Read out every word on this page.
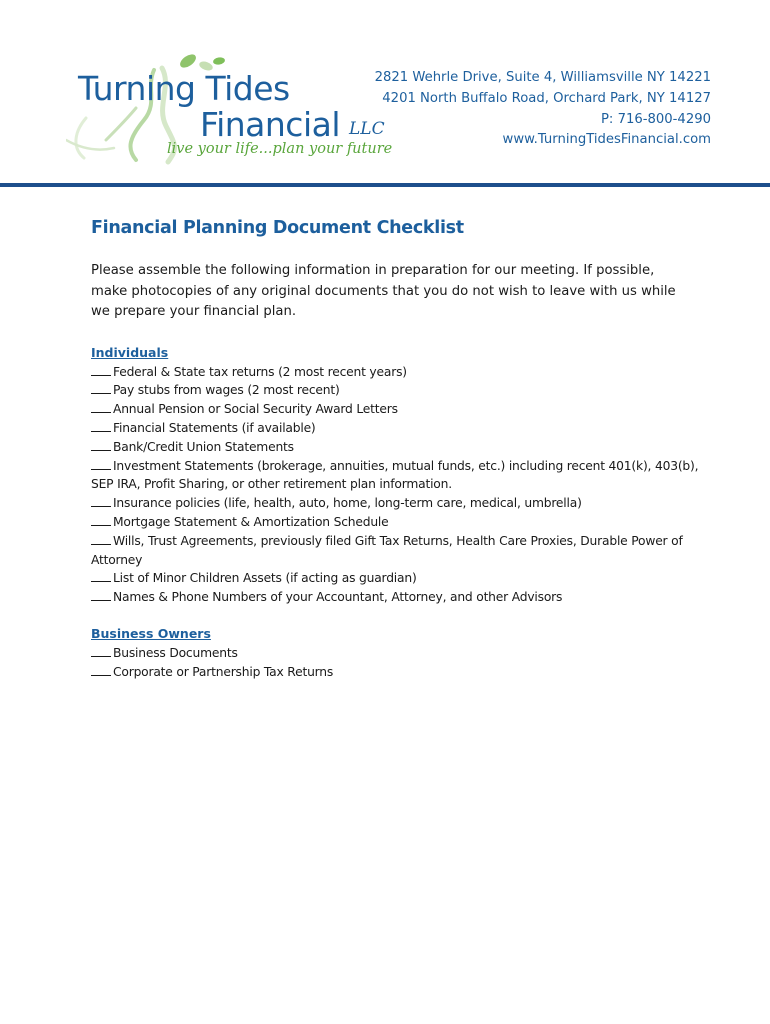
Turning Tides
Financial LLC
live your life...plan your future
2821 Wehrle Drive, Suite 4, Williamsville NY 14221
4201 North Buffalo Road, Orchard Park, NY 14127
P: 716-800-4290
www.TurningTidesFinancial.com
Financial Planning Document Checklist

Please assemble the following information in preparation for our meeting. If possible, make photocopies of any original documents that you do not wish to leave with us while we prepare your financial plan.

Individuals
Federal & State tax returns (2 most recent years)
Pay stubs from wages (2 most recent)
Annual Pension or Social Security Award Letters
Financial Statements (if available)
Bank/Credit Union Statements
Investment Statements (brokerage, annuities, mutual funds, etc.) including recent 401(k), 403(b), SEP IRA, Profit Sharing, or other retirement plan information.
Insurance policies (life, health, auto, home, long-term care, medical, umbrella)
Mortgage Statement & Amortization Schedule
Wills, Trust Agreements, previously filed Gift Tax Returns, Health Care Proxies, Durable Power of Attorney
List of Minor Children Assets (if acting as guardian)
Names & Phone Numbers of your Accountant, Attorney, and other Advisors
Business Owners
Business Documents
Corporate or Partnership Tax Returns
